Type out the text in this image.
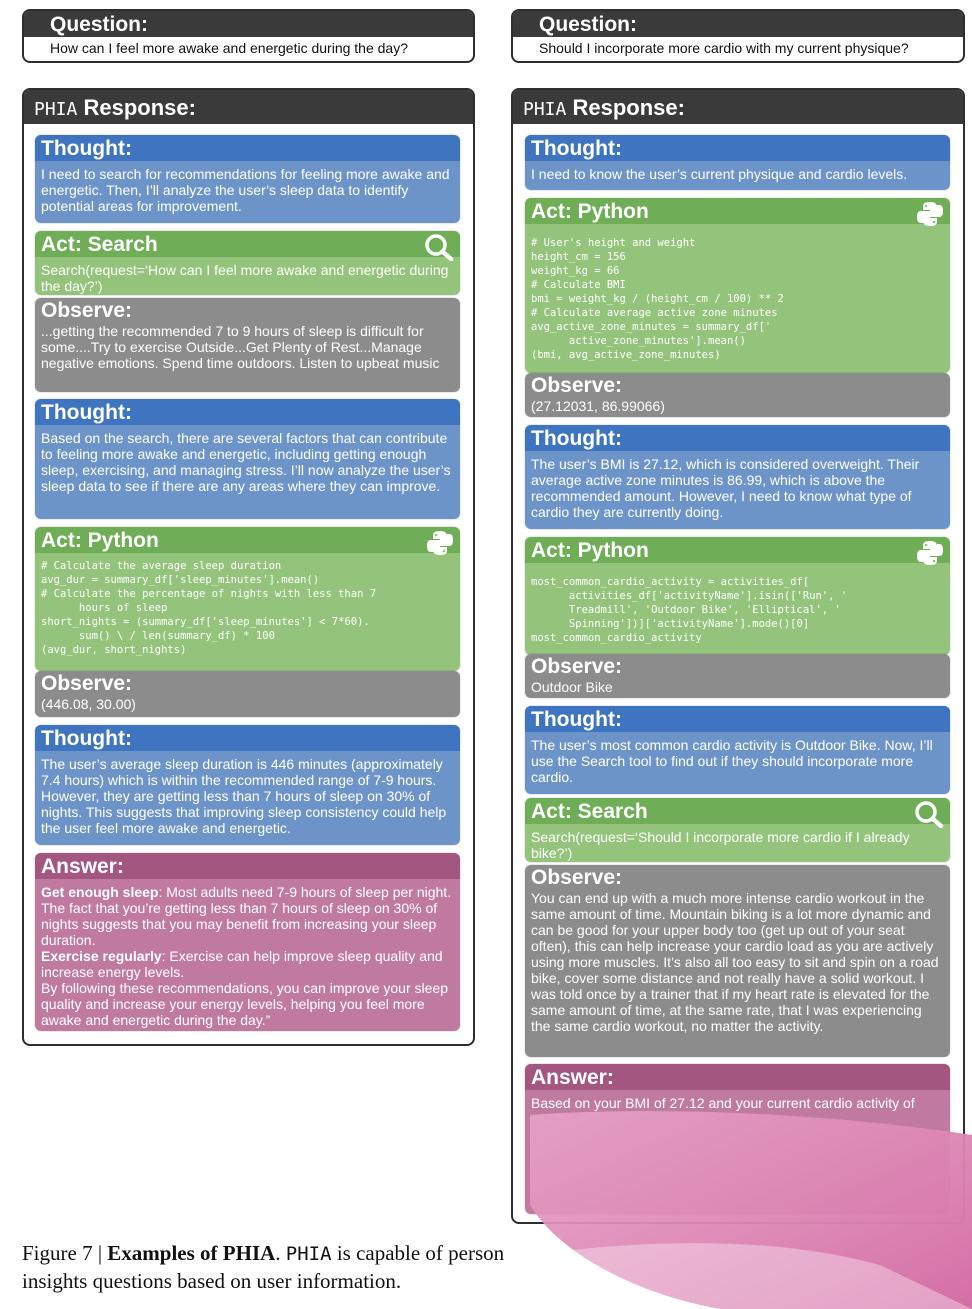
Question:
How can I feel more awake and energetic during the day?
PHIA Response:
Thought:
I need to search for recommendations for feeling more awake and energetic. Then, I’ll analyze the user’s sleep data to identify potential areas for improvement.
Act: Search
Search(request=‘How can I feel more awake and energetic during the day?’)
Observe:
...getting the recommended 7 to 9 hours of sleep is difficult for some....Try to exercise Outside...Get Plenty of Rest...Manage negative emotions. Spend time outdoors. Listen to upbeat music
Thought:
Based on the search, there are several factors that can contribute to feeling more awake and energetic, including getting enough sleep, exercising, and managing stress. I’ll now analyze the user’s sleep data to see if there are any areas where they can improve.
Act: Python
# Calculate the average sleep duration
avg_dur = summary_df['sleep_minutes'].mean()
# Calculate the percentage of nights with less than 7
hours of sleep
short_nights = (summary_df['sleep_minutes'] < 7*60).
sum() \ / len(summary_df) * 100
(avg_dur, short_nights)
Observe:
(446.08, 30.00)
Thought:
The user’s average sleep duration is 446 minutes (approximately 7.4 hours) which is within the recommended range of 7-9 hours. However, they are getting less than 7 hours of sleep on 30% of nights. This suggests that improving sleep consistency could help the user feel more awake and energetic.
Answer:
Get enough sleep: Most adults need 7-9 hours of sleep per night. The fact that you’re getting less than 7 hours of sleep on 30% of nights suggests that you may benefit from increasing your sleep duration.
Exercise regularly: Exercise can help improve sleep quality and increase energy levels.
By following these recommendations, you can improve your sleep quality and increase your energy levels, helping you feel more awake and energetic during the day.”
Question:
Should I incorporate more cardio with my current physique?
PHIA Response:
Thought:
I need to know the user’s current physique and cardio levels.
Act: Python
# User's height and weight
height_cm = 156
weight_kg = 66
# Calculate BMI
bmi = weight_kg / (height_cm / 100) ** 2
# Calculate average active zone minutes
avg_active_zone_minutes = summary_df['
active_zone_minutes'].mean()
(bmi, avg_active_zone_minutes)
Observe:
(27.12031, 86.99066)
Thought:
The user’s BMI is 27.12, which is considered overweight. Their average active zone minutes is 86.99, which is above the recommended amount. However, I need to know what type of cardio they are currently doing.
Act: Python
most_common_cardio_activity = activities_df[
activities_df['activityName'].isin(['Run', '
Treadmill', 'Outdoor Bike', 'Elliptical', '
Spinning'])]['activityName'].mode()[0]
most_common_cardio_activity
Observe:
Outdoor Bike
Thought:
The user’s most common cardio activity is Outdoor Bike. Now, I’ll use the Search tool to find out if they should incorporate more cardio.
Act: Search
Search(request=‘Should I incorporate more cardio if I already bike?’)
Observe:
You can end up with a much more intense cardio workout in the same amount of time. Mountain biking is a lot more dynamic and can be good for your upper body too (get up out of your seat often), this can help increase your cardio load as you are actively using more muscles. It’s also all too easy to sit and spin on a road bike, cover some distance and not really have a solid workout. I was told once by a trainer that if my heart rate is elevated for the same amount of time, at the same rate, that I was experiencing the same cardio workout, no matter the activity.
Answer:
Based on your BMI of 27.12 and your current cardio activity of
Figure 7 | Examples of PHIA. PHIA is capable of person
insights questions based on user information.
